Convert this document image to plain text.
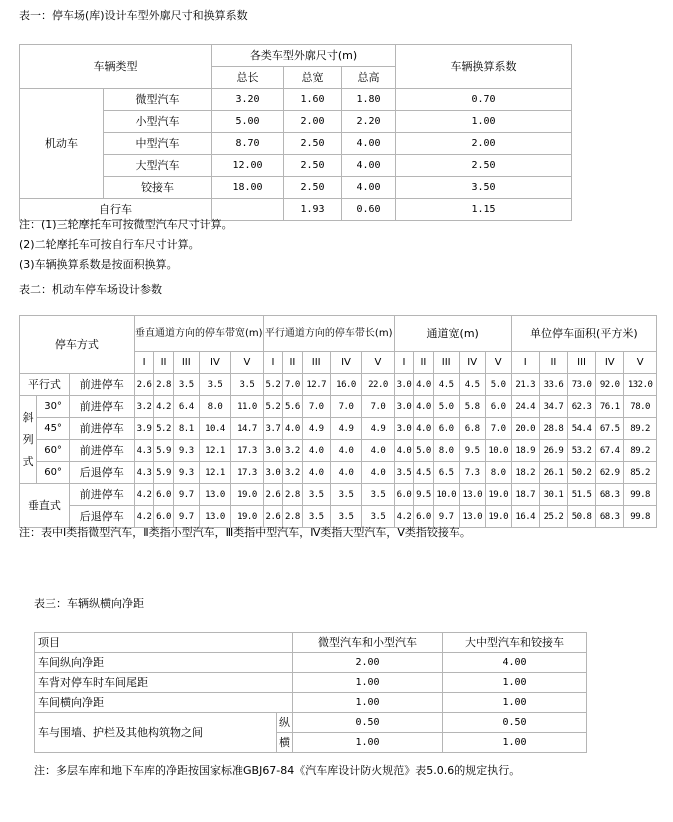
表一：停车场(库)设计车型外廓尺寸和换算系数
车辆类型		各类车型外廓尺寸(m)			车辆换算系数
		总长	总宽	总高	
机动车	微型汽车	3.20	1.60	1.80	0.70
	小型汽车	5.00	2.00	2.20	1.00
	中型汽车	8.70	2.50	4.00	2.00
	大型汽车	12.00	2.50	4.00	2.50
	铰接车	18.00	2.50	4.00	3.50
自行车			1.93	0.60	1.15
注：(1)三轮摩托车可按微型汽车尺寸计算。
(2)二轮摩托车可按自行车尺寸计算。
(3)车辆换算系数是按面积换算。
表二：机动车停车场设计参数
停车方式			垂直通道方向的停车带宽(m)					平行通道方向的停车带长(m)					通道宽(m)					单位停车面积(平方米)				
			I	II	III	IV	V	I	II	III	IV	V	I	II	III	IV	V	I	II	III	IV	V
平行式		前进停车	2.6	2.8	3.5	3.5	3.5	5.2	7.0	12.7	16.0	22.0	3.0	4.0	4.5	4.5	5.0	21.3	33.6	73.0	92.0	132.0
斜列式	30°	前进停车	3.2	4.2	6.4	8.0	11.0	5.2	5.6	7.0	7.0	7.0	3.0	4.0	5.0	5.8	6.0	24.4	34.7	62.3	76.1	78.0
	45°	前进停车	3.9	5.2	8.1	10.4	14.7	3.7	4.0	4.9	4.9	4.9	3.0	4.0	6.0	6.8	7.0	20.0	28.8	54.4	67.5	89.2
	60°	前进停车	4.3	5.9	9.3	12.1	17.3	3.0	3.2	4.0	4.0	4.0	4.0	5.0	8.0	9.5	10.0	18.9	26.9	53.2	67.4	89.2
	60°	后退停车	4.3	5.9	9.3	12.1	17.3	3.0	3.2	4.0	4.0	4.0	3.5	4.5	6.5	7.3	8.0	18.2	26.1	50.2	62.9	85.2
垂直式		前进停车	4.2	6.0	9.7	13.0	19.0	2.6	2.8	3.5	3.5	3.5	6.0	9.5	10.0	13.0	19.0	18.7	30.1	51.5	68.3	99.8
		后退停车	4.2	6.0	9.7	13.0	19.0	2.6	2.8	3.5	3.5	3.5	4.2	6.0	9.7	13.0	19.0	16.4	25.2	50.8	68.3	99.8
注：表中Ⅰ类指微型汽车，Ⅱ类指小型汽车，Ⅲ类指中型汽车，Ⅳ类指大型汽车，Ⅴ类指铰接车。
表三：车辆纵横向净距
项目		微型汽车和小型汽车	大中型汽车和铰接车
车间纵向净距		2.00	4.00
车背对停车时车间尾距		1.00	1.00
车间横向净距		1.00	1.00
车与围墙、护栏及其他构筑物之间	纵	0.50	0.50
	横	1.00	1.00
注：多层车库和地下车库的净距按国家标准GBJ67-84《汽车库设计防火规范》表5.0.6的规定执行。
